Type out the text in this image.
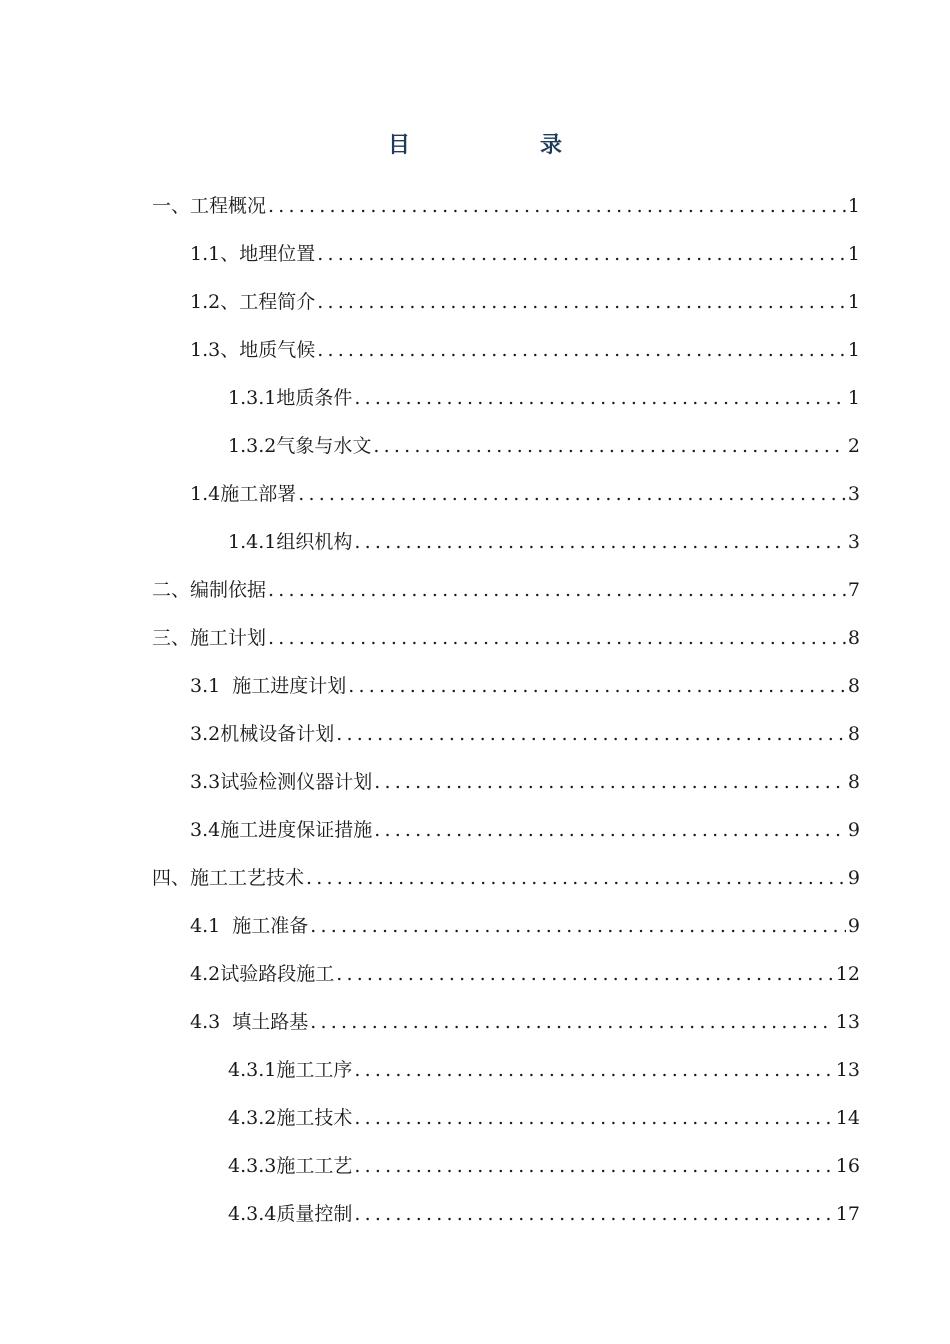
目　录
一、工程概况 .....	1
1.1、地理位置 .....	1
1.2、工程简介 .....	1
1.3、地质气候 .....	1
1.3.1地质条件 .....	1
1.3.2气象与水文 .....	2
1.4施工部署 .....	3
1.4.1组织机构 .....	3
二、编制依据 .....	7
三、施工计划 .....	8
3.1  施工进度计划 .....	8
3.2机械设备计划 .....	8
3.3试验检测仪器计划 .....	8
3.4施工进度保证措施 .....	9
四、施工工艺技术 .....	9
4.1  施工准备 .....	9
4.2试验路段施工 .....	12
4.3  填土路基 .....	13
4.3.1施工工序 .....	13
4.3.2施工技术 .....	14
4.3.3施工工艺 .....	16
4.3.4质量控制 .....	17
